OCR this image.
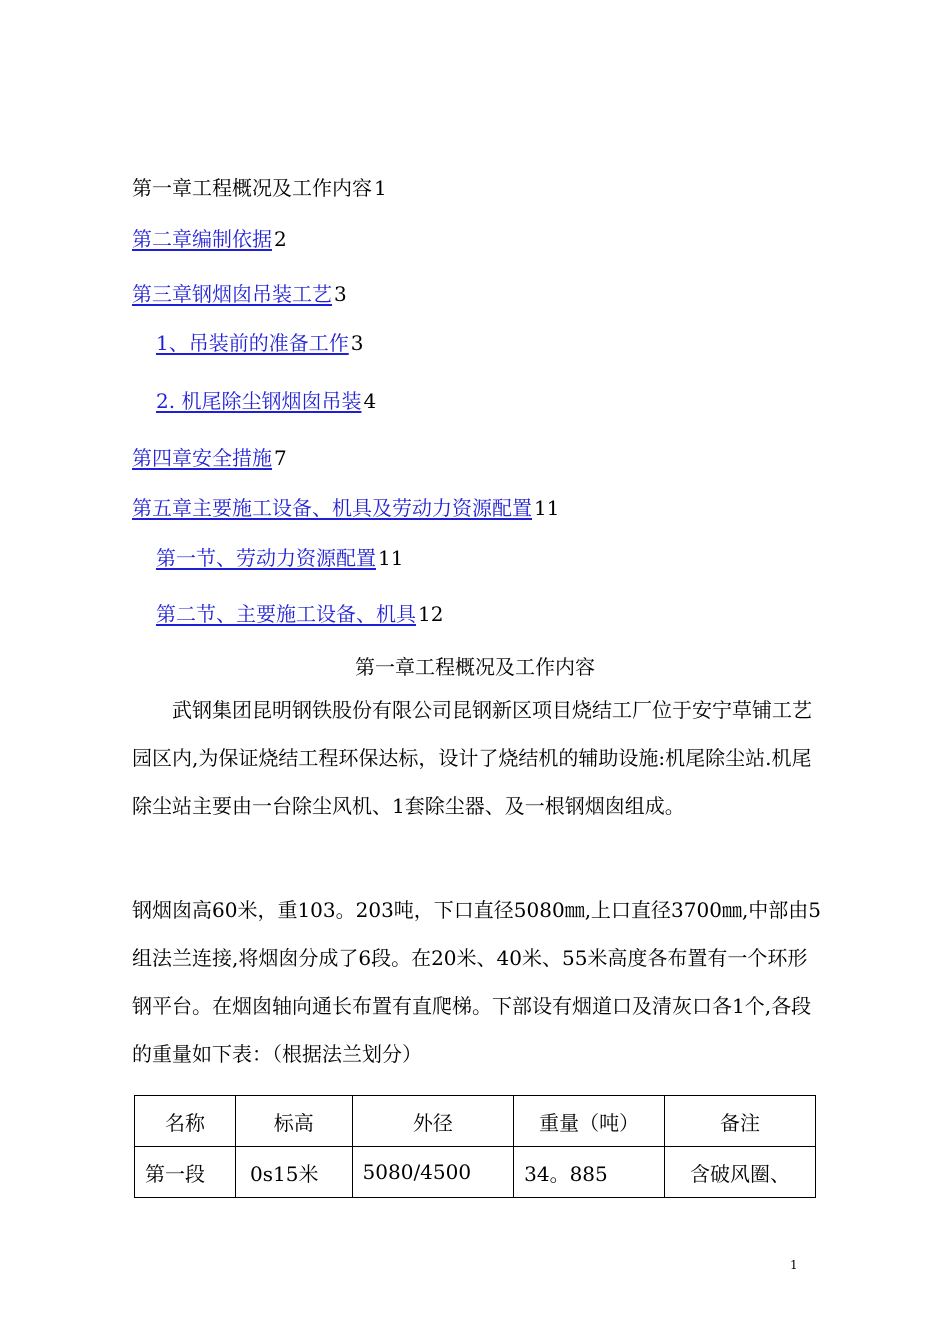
第一章工程概况及工作内容 1
第二章编制依据 2
第三章钢烟囱吊装工艺 3
1、吊装前的准备工作 3
2. 机尾除尘钢烟囱吊装 4
第四章安全措施 7
第五章主要施工设备、机具及劳动力资源配置 11
第一节、劳动力资源配置 11
第二节、主要施工设备、机具 12
第一章工程概况及工作内容

武钢集团昆明钢铁股份有限公司昆钢新区项目烧结工厂位于安宁草铺工艺园区内,为保证烧结工程环保达标，设计了烧结机的辅助设施:机尾除尘站.机尾除尘站主要由一台除尘风机、1套除尘器、及一根钢烟囱组成。

钢烟囱高60米，重103。203吨，下口直径5080㎜,上口直径3700㎜,中部由5组法兰连接,将烟囱分成了6段。在20米、40米、55米高度各布置有一个环形钢平台。在烟囱轴向通长布置有直爬梯。下部设有烟道口及清灰口各1个,各段的重量如下表：（根据法兰划分）

名称	标高	外径	重量（吨）	备注
第一段	0s15米	5080/4500	34。885	含破风圈、
1
